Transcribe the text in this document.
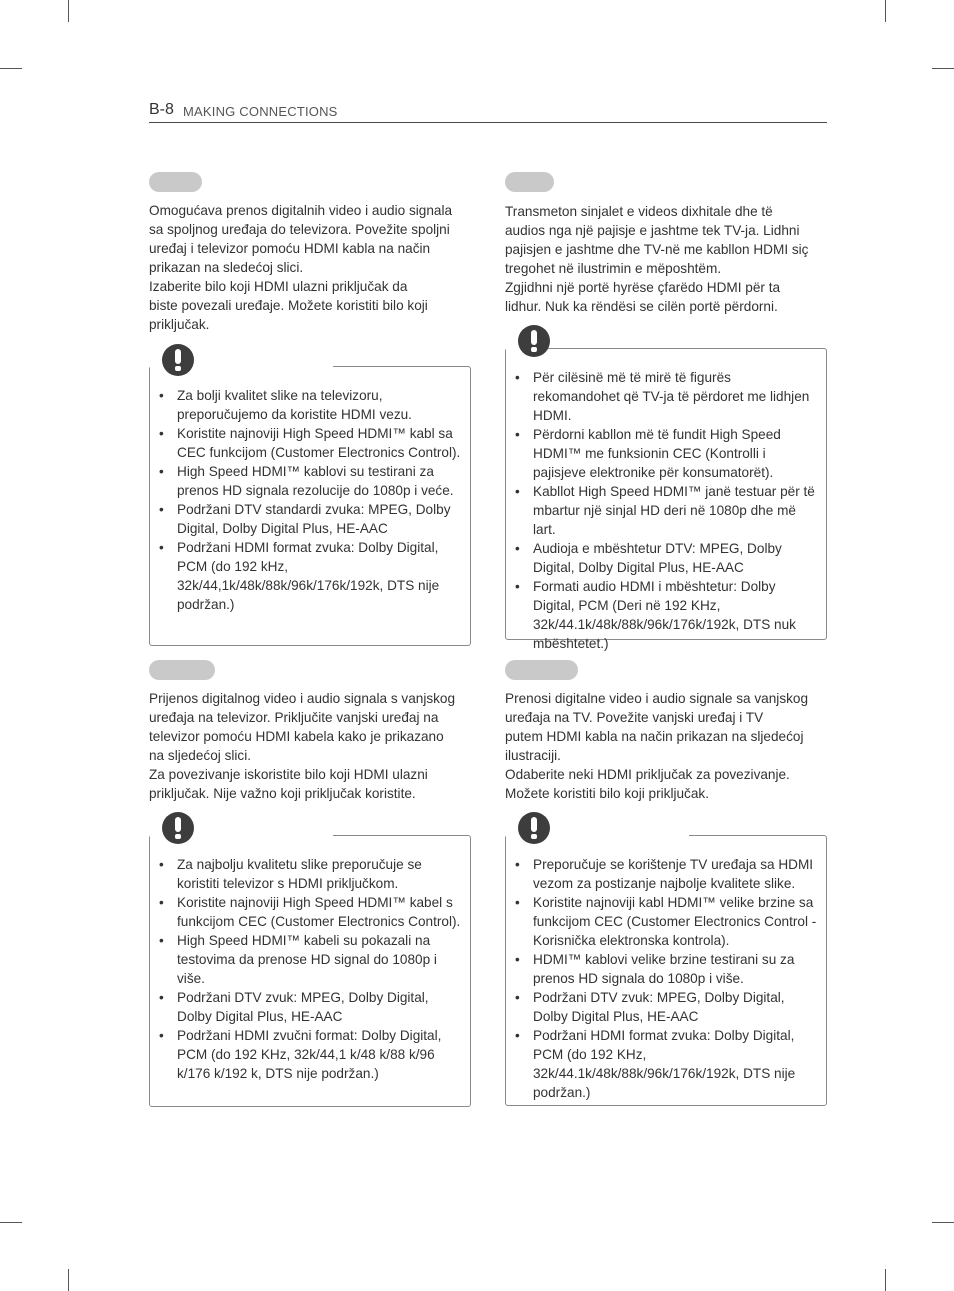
B-8 MAKING CONNECTIONS
Omogućava prenos digitalnih video i audio signala
sa spoljnog uređaja do televizora. Povežite spoljni
uređaj i televizor pomoću HDMI kabla na način
prikazan na sledećoj slici.
Izaberite bilo koji HDMI ulazni priključak da
biste povezali uređaje. Možete koristiti bilo koji
priključak.
• Za bolji kvalitet slike na televizoru, preporučujemo da koristite HDMI vezu.
• Koristite najnoviji High Speed HDMI™ kabl sa CEC funkcijom (Customer Electronics Control).
• High Speed HDMI™ kablovi su testirani za prenos HD signala rezolucije do 1080p i veće.
• Podržani DTV standardi zvuka: MPEG, Dolby Digital, Dolby Digital Plus, HE-AAC
• Podržani HDMI format zvuka: Dolby Digital, PCM (do 192 kHz, 32k/44,1k/48k/88k/96k/176k/192k, DTS nije podržan.)
Transmeton sinjalet e videos dixhitale dhe të
audios nga një pajisje e jashtme tek TV-ja. Lidhni
pajisjen e jashtme dhe TV-në me kabllon HDMI siç
tregohet në ilustrimin e mëposhtëm.
Zgjidhni një portë hyrëse çfarëdo HDMI për ta
lidhur. Nuk ka rëndësi se cilën portë përdorni.
• Për cilësinë më të mirë të figurës rekomandohet që TV-ja të përdoret me lidhjen HDMI.
• Përdorni kabllon më të fundit High Speed HDMI™ me funksionin CEC (Kontrolli i pajisjeve elektronike për konsumatorët).
• Kabllot High Speed HDMI™ janë testuar për të mbartur një sinjal HD deri në 1080p dhe më lart.
• Audioja e mbështetur DTV: MPEG, Dolby Digital, Dolby Digital Plus, HE-AAC
• Formati audio HDMI i mbështetur: Dolby Digital, PCM (Deri në 192 KHz, 32k/44.1k/48k/88k/96k/176k/192k, DTS nuk mbështetet.)
Prijenos digitalnog video i audio signala s vanjskog
uređaja na televizor. Priključite vanjski uređaj na
televizor pomoću HDMI kabela kako je prikazano
na sljedećoj slici.
Za povezivanje iskoristite bilo koji HDMI ulazni
priključak. Nije važno koji priključak koristite.
• Za najbolju kvalitetu slike preporučuje se koristiti televizor s HDMI priključkom.
• Koristite najnoviji High Speed HDMI™ kabel s funkcijom CEC (Customer Electronics Control).
• High Speed HDMI™ kabeli su pokazali na testovima da prenose HD signal do 1080p i više.
• Podržani DTV zvuk: MPEG, Dolby Digital, Dolby Digital Plus, HE-AAC
• Podržani HDMI zvučni format: Dolby Digital, PCM (do 192 KHz, 32k/44,1 k/48 k/88 k/96 k/176 k/192 k, DTS nije podržan.)
Prenosi digitalne video i audio signale sa vanjskog
uređaja na TV. Povežite vanjski uređaj i TV
putem HDMI kabla na način prikazan na sljedećoj
ilustraciji.
Odaberite neki HDMI priključak za povezivanje.
Možete koristiti bilo koji priključak.
• Preporučuje se korištenje TV uređaja sa HDMI vezom za postizanje najbolje kvalitete slike.
• Koristite najnoviji kabl HDMI™ velike brzine sa funkcijom CEC (Customer Electronics Control - Korisnička elektronska kontrola).
• HDMI™ kablovi velike brzine testirani su za prenos HD signala do 1080p i više.
• Podržani DTV zvuk: MPEG, Dolby Digital, Dolby Digital Plus, HE-AAC
• Podržani HDMI format zvuka: Dolby Digital, PCM (do 192 KHz, 32k/44.1k/48k/88k/96k/176k/192k, DTS nije podržan.)
